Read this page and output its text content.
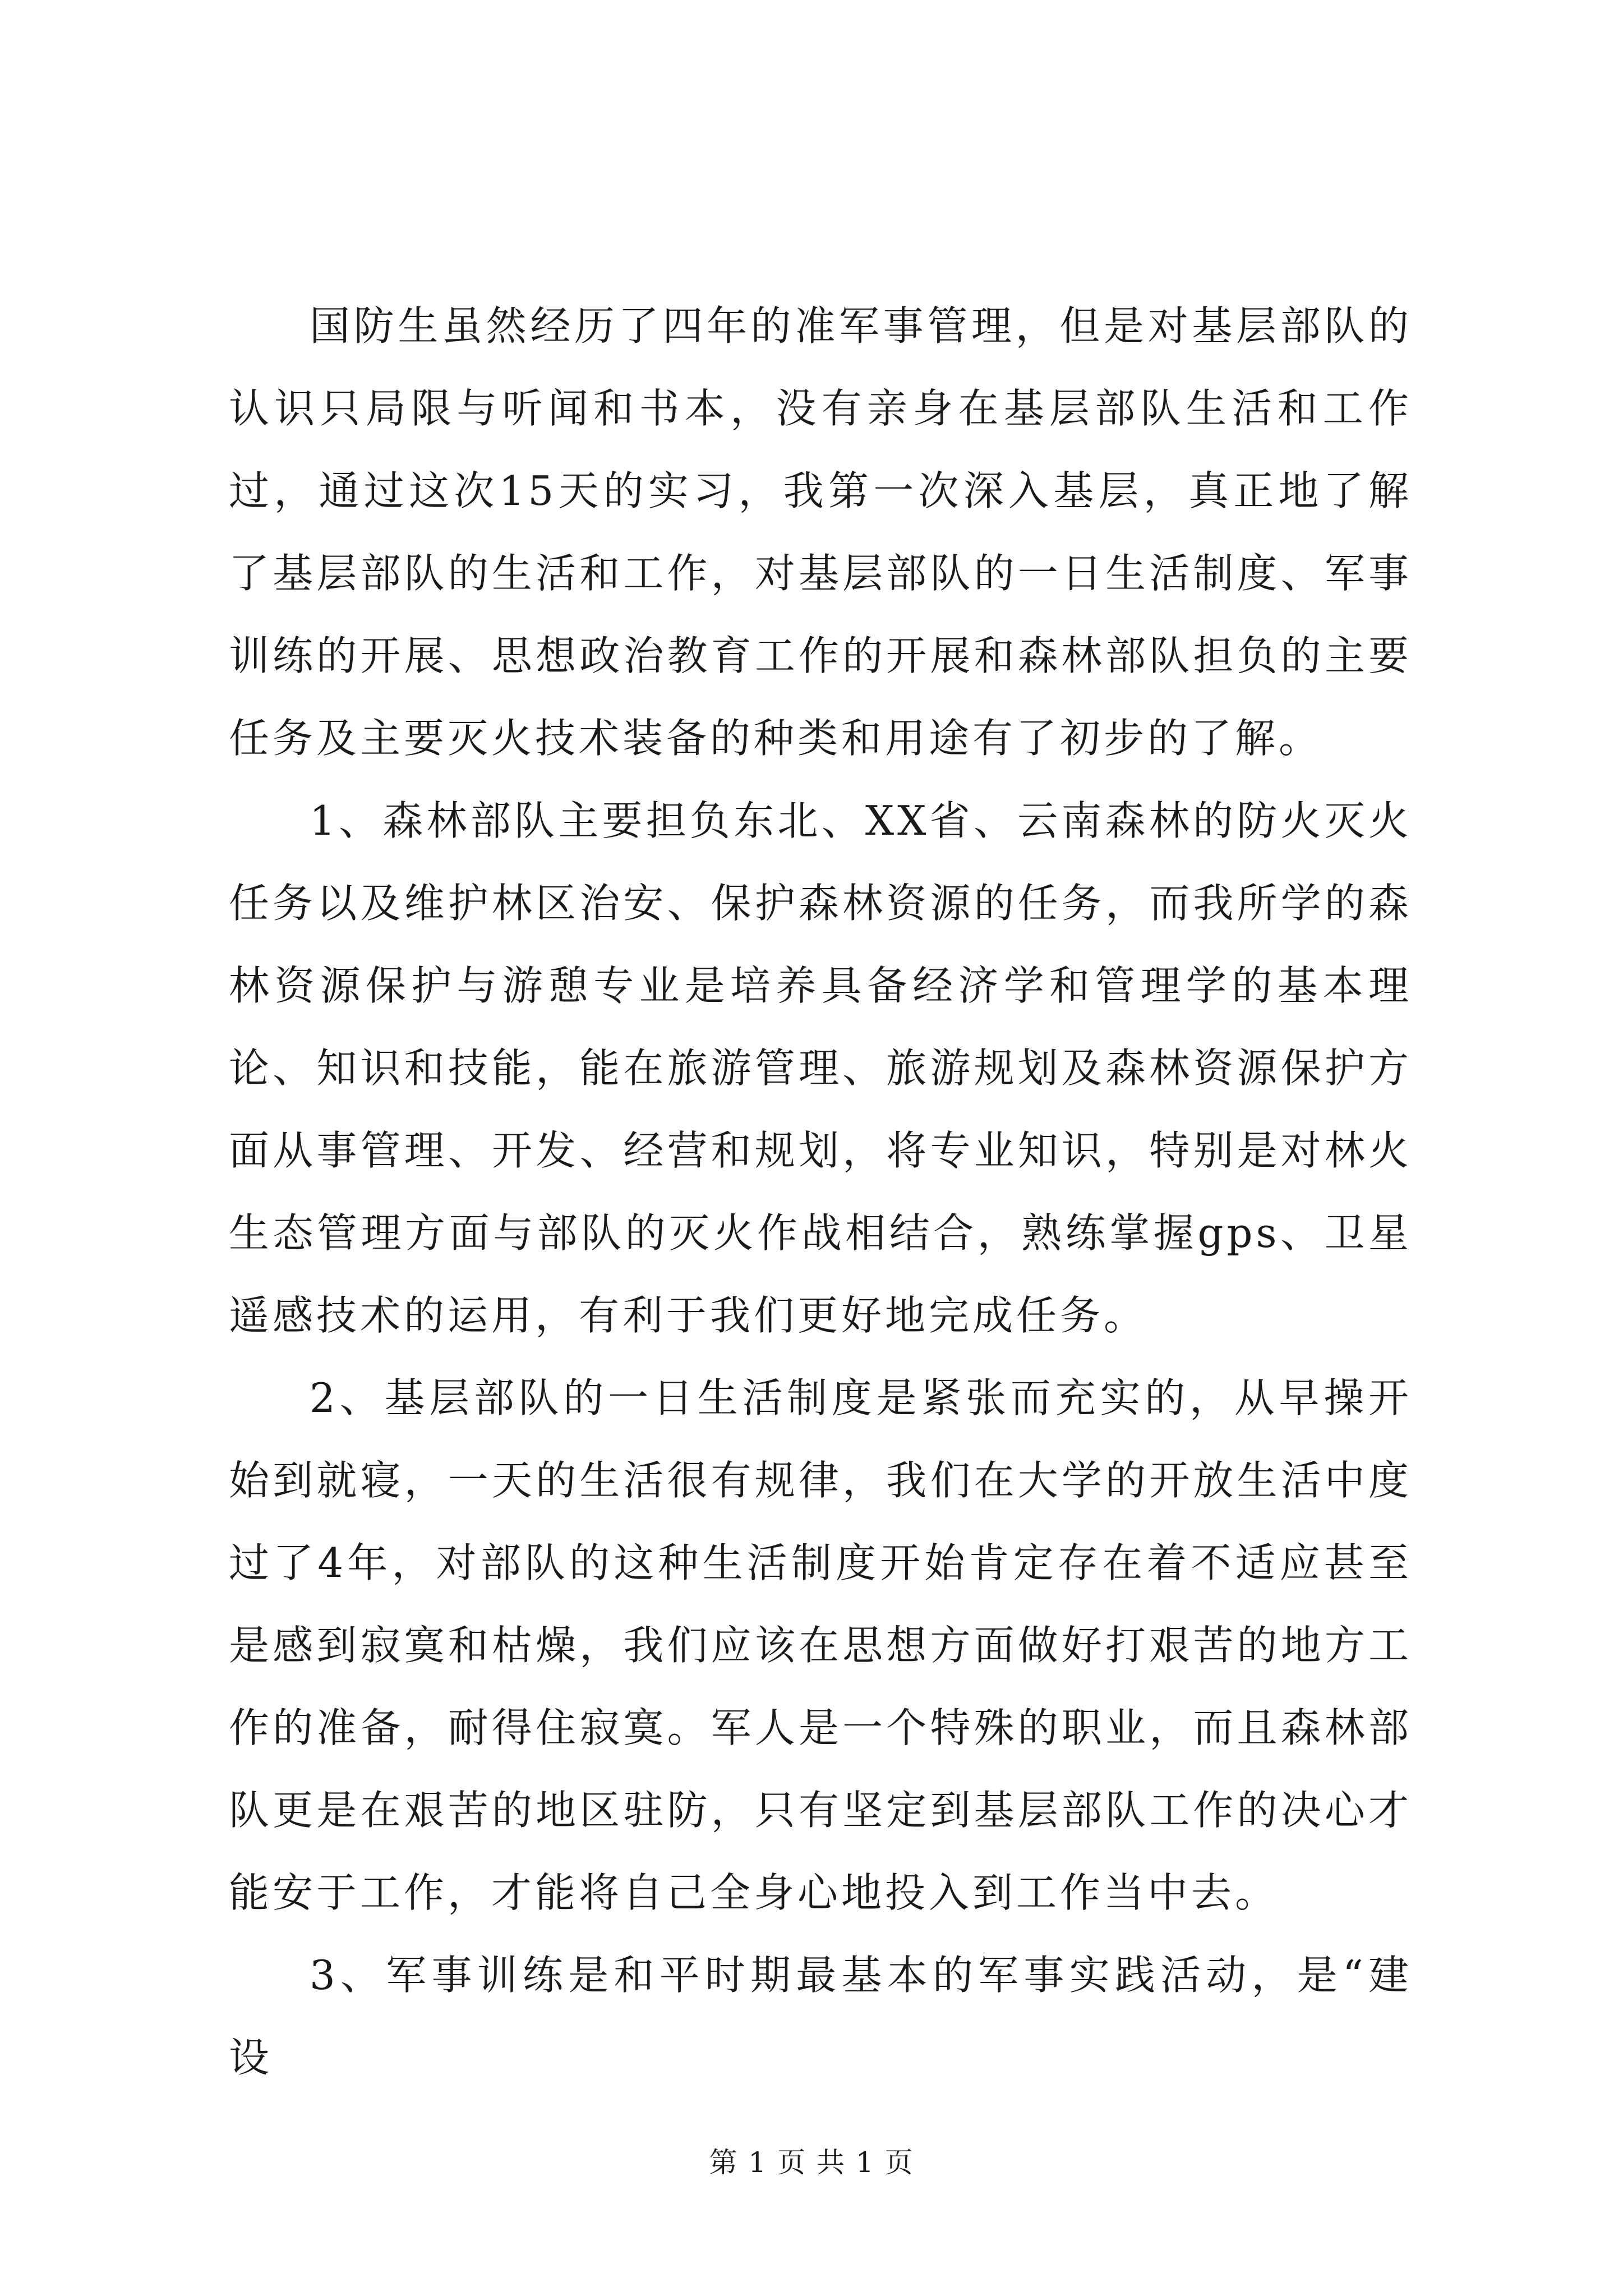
国防生虽然经历了四年的准军事管理，但是对基层部队的认识只局限与听闻和书本，没有亲身在基层部队生活和工作过，通过这次15天的实习，我第一次深入基层，真正地了解了基层部队的生活和工作，对基层部队的一日生活制度、军事训练的开展、思想政治教育工作的开展和森林部队担负的主要任务及主要灭火技术装备的种类和用途有了初步的了解。

1、森林部队主要担负东北、XX省、云南森林的防火灭火任务以及维护林区治安、保护森林资源的任务，而我所学的森林资源保护与游憩专业是培养具备经济学和管理学的基本理论、知识和技能，能在旅游管理、旅游规划及森林资源保护方面从事管理、开发、经营和规划，将专业知识，特别是对林火生态管理方面与部队的灭火作战相结合，熟练掌握gps、卫星遥感技术的运用，有利于我们更好地完成任务。

2、基层部队的一日生活制度是紧张而充实的，从早操开始到就寝，一天的生活很有规律，我们在大学的开放生活中度过了4年，对部队的这种生活制度开始肯定存在着不适应甚至是感到寂寞和枯燥，我们应该在思想方面做好打艰苦的地方工作的准备，耐得住寂寞。军人是一个特殊的职业，而且森林部队更是在艰苦的地区驻防，只有坚定到基层部队工作的决心才能安于工作，才能将自己全身心地投入到工作当中去。

3、军事训练是和平时期最基本的军事实践活动，是“建设

第 1 页 共 1 页
